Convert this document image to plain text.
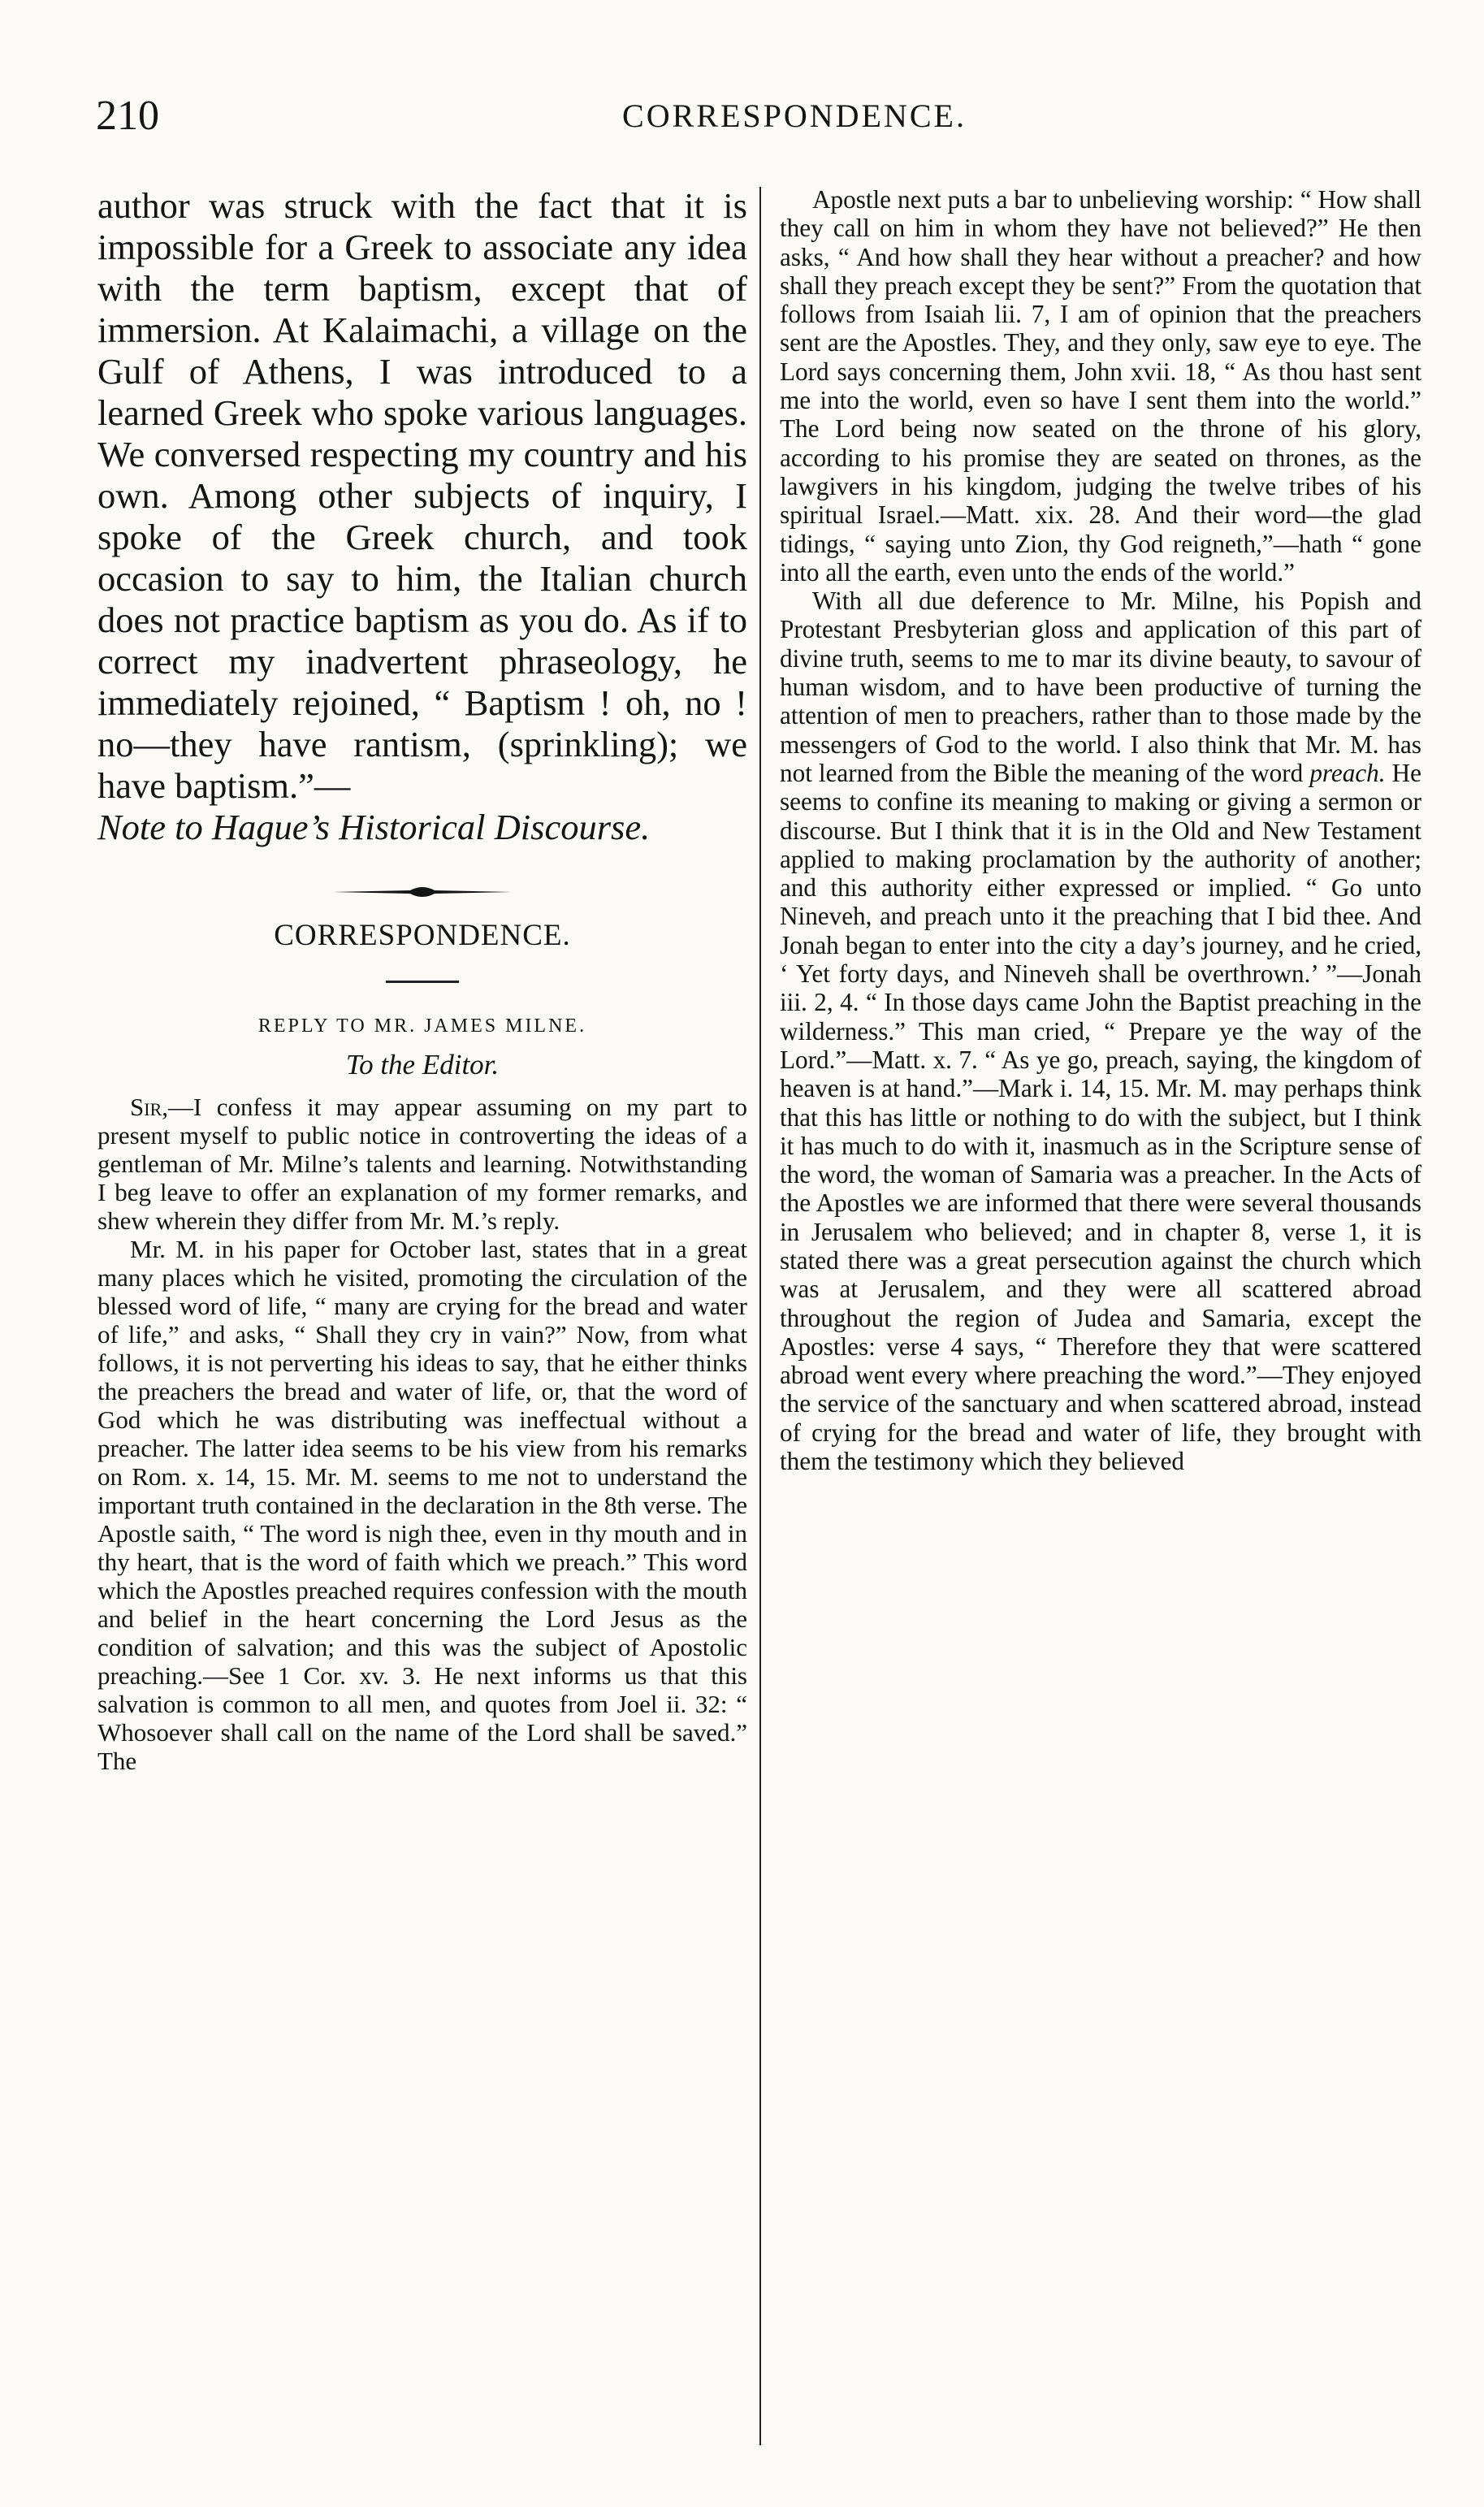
210	CORRESPONDENCE.

author was struck with the fact that it is impossible for a Greek to associate any idea with the term baptism, except that of immersion. At Kalaimachi, a village on the Gulf of Athens, I was introduced to a learned Greek who spoke various languages. We conversed respecting my country and his own. Among other subjects of inquiry, I spoke of the Greek church, and took occasion to say to him, the Italian church does not practice baptism as you do. As if to correct my inadvertent phraseology, he immediately rejoined, “ Baptism ! oh, no ! no—they have rantism, (sprinkling); we have baptism.”—
Note to Hague’s Historical Discourse.

CORRESPONDENCE.
REPLY TO MR. JAMES MILNE.
To the Editor.

Sir,—I confess it may appear assuming on my part to present myself to public notice in controverting the ideas of a gentleman of Mr. Milne’s talents and learning. Notwithstanding I beg leave to offer an explanation of my former remarks, and shew wherein they differ from Mr. M.’s reply.

Mr. M. in his paper for October last, states that in a great many places which he visited, promoting the circulation of the blessed word of life, “ many are crying for the bread and water of life,” and asks, “ Shall they cry in vain?” Now, from what follows, it is not perverting his ideas to say, that he either thinks the preachers the bread and water of life, or, that the word of God which he was distributing was ineffectual without a preacher. The latter idea seems to be his view from his remarks on Rom. x. 14, 15. Mr. M. seems to me not to understand the important truth contained in the declaration in the 8th verse. The Apostle saith, “ The word is nigh thee, even in thy mouth and in thy heart, that is the word of faith which we preach.” This word which the Apostles preached requires confession with the mouth and belief in the heart concerning the Lord Jesus as the condition of salvation; and this was the subject of Apostolic preaching.—See 1 Cor. xv. 3. He next informs us that this salvation is common to all men, and quotes from Joel ii. 32: “ Whosoever shall call on the name of the Lord shall be saved.” The

Apostle next puts a bar to unbelieving worship: “ How shall they call on him in whom they have not believed?” He then asks, “ And how shall they hear without a preacher? and how shall they preach except they be sent?” From the quotation that follows from Isaiah lii. 7, I am of opinion that the preachers sent are the Apostles. They, and they only, saw eye to eye. The Lord says concerning them, John xvii. 18, “ As thou hast sent me into the world, even so have I sent them into the world.” The Lord being now seated on the throne of his glory, according to his promise they are seated on thrones, as the lawgivers in his kingdom, judging the twelve tribes of his spiritual Israel.—Matt. xix. 28. And their word—the glad tidings, “ saying unto Zion, thy God reigneth,”—hath “ gone into all the earth, even unto the ends of the world.”

With all due deference to Mr. Milne, his Popish and Protestant Presbyterian gloss and application of this part of divine truth, seems to me to mar its divine beauty, to savour of human wisdom, and to have been productive of turning the attention of men to preachers, rather than to those made by the messengers of God to the world. I also think that Mr. M. has not learned from the Bible the meaning of the word preach. He seems to confine its meaning to making or giving a sermon or discourse. But I think that it is in the Old and New Testament applied to making proclamation by the authority of another; and this authority either expressed or implied. “ Go unto Nineveh, and preach unto it the preaching that I bid thee. And Jonah began to enter into the city a day’s journey, and he cried, ‘ Yet forty days, and Nineveh shall be overthrown.’ ”—Jonah iii. 2, 4. “ In those days came John the Baptist preaching in the wilderness.” This man cried, “ Prepare ye the way of the Lord.”—Matt. x. 7. “ As ye go, preach, saying, the kingdom of heaven is at hand.”—Mark i. 14, 15. Mr. M. may perhaps think that this has little or nothing to do with the subject, but I think it has much to do with it, inasmuch as in the Scripture sense of the word, the woman of Samaria was a preacher. In the Acts of the Apostles we are informed that there were several thousands in Jerusalem who believed; and in chapter 8, verse 1, it is stated there was a great persecution against the church which was at Jerusalem, and they were all scattered abroad throughout the region of Judea and Samaria, except the Apostles: verse 4 says, “ Therefore they that were scattered abroad went every where preaching the word.”—They enjoyed the service of the sanctuary and when scattered abroad, instead of crying for the bread and water of life, they brought with them the testimony which they believed
